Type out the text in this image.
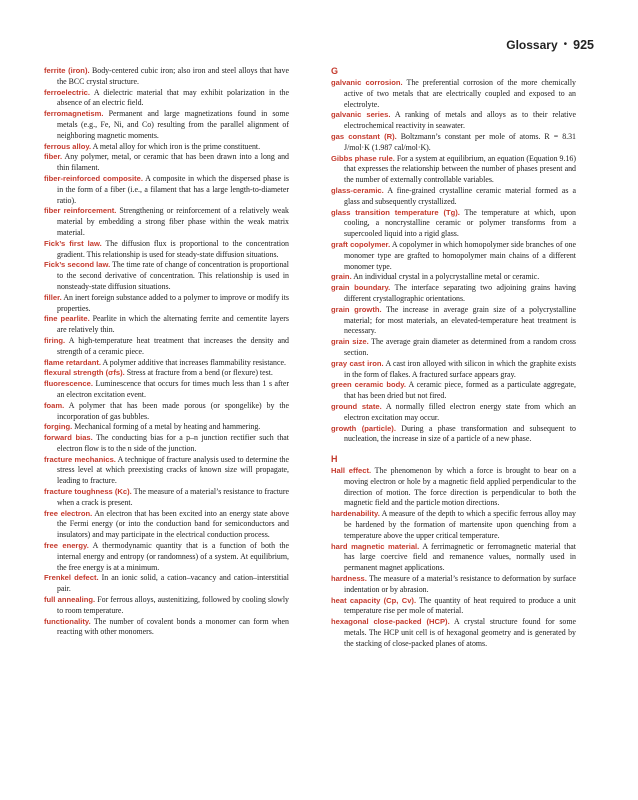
Glossary • 925

ferrite (iron). Body-centered cubic iron; also iron and steel alloys that have the BCC crystal structure.

ferroelectric. A dielectric material that may exhibit polarization in the absence of an electric field.

ferromagnetism. Permanent and large magnetizations found in some metals (e.g., Fe, Ni, and Co) resulting from the parallel alignment of neighboring magnetic moments.

ferrous alloy. A metal alloy for which iron is the prime constituent.

fiber. Any polymer, metal, or ceramic that has been drawn into a long and thin filament.

fiber-reinforced composite. A composite in which the dispersed phase is in the form of a fiber (i.e., a filament that has a large length-to-diameter ratio).

fiber reinforcement. Strengthening or reinforcement of a relatively weak material by embedding a strong fiber phase within the weak matrix material.

Fick’s first law. The diffusion flux is proportional to the concentration gradient. This relationship is used for steady-state diffusion situations.

Fick’s second law. The time rate of change of concentration is proportional to the second derivative of concentration. This relationship is used in nonsteady-state diffusion situations.

filler. An inert foreign substance added to a polymer to improve or modify its properties.

fine pearlite. Pearlite in which the alternating ferrite and cementite layers are relatively thin.

firing. A high-temperature heat treatment that increases the density and strength of a ceramic piece.

flame retardant. A polymer additive that increases flammability resistance.

flexural strength (σfs). Stress at fracture from a bend (or flexure) test.

fluorescence. Luminescence that occurs for times much less than 1 s after an electron excitation event.

foam. A polymer that has been made porous (or spongelike) by the incorporation of gas bubbles.

forging. Mechanical forming of a metal by heating and hammering.

forward bias. The conducting bias for a p–n junction rectifier such that electron flow is to the n side of the junction.

fracture mechanics. A technique of fracture analysis used to determine the stress level at which preexisting cracks of known size will propagate, leading to fracture.

fracture toughness (Kc). The measure of a material’s resistance to fracture when a crack is present.

free electron. An electron that has been excited into an energy state above the Fermi energy (or into the conduction band for semiconductors and insulators) and may participate in the electrical conduction process.

free energy. A thermodynamic quantity that is a function of both the internal energy and entropy (or randomness) of a system. At equilibrium, the free energy is at a minimum.

Frenkel defect. In an ionic solid, a cation–vacancy and cation–interstitial pair.

full annealing. For ferrous alloys, austenitizing, followed by cooling slowly to room temperature.

functionality. The number of covalent bonds a monomer can form when reacting with other monomers.

G

galvanic corrosion. The preferential corrosion of the more chemically active of two metals that are electrically coupled and exposed to an electrolyte.

galvanic series. A ranking of metals and alloys as to their relative electrochemical reactivity in seawater.

gas constant (R). Boltzmann’s constant per mole of atoms. R = 8.31 J/mol·K (1.987 cal/mol·K).

Gibbs phase rule. For a system at equilibrium, an equation (Equation 9.16) that expresses the relationship between the number of phases present and the number of externally controllable variables.

glass-ceramic. A fine-grained crystalline ceramic material formed as a glass and subsequently crystallized.

glass transition temperature (Tg). The temperature at which, upon cooling, a noncrystalline ceramic or polymer transforms from a supercooled liquid into a rigid glass.

graft copolymer. A copolymer in which homopolymer side branches of one monomer type are grafted to homopolymer main chains of a different monomer type.

grain. An individual crystal in a polycrystalline metal or ceramic.

grain boundary. The interface separating two adjoining grains having different crystallographic orientations.

grain growth. The increase in average grain size of a polycrystalline material; for most materials, an elevated-temperature heat treatment is necessary.

grain size. The average grain diameter as determined from a random cross section.

gray cast iron. A cast iron alloyed with silicon in which the graphite exists in the form of flakes. A fractured surface appears gray.

green ceramic body. A ceramic piece, formed as a particulate aggregate, that has been dried but not fired.

ground state. A normally filled electron energy state from which an electron excitation may occur.

growth (particle). During a phase transformation and subsequent to nucleation, the increase in size of a particle of a new phase.

H

Hall effect. The phenomenon by which a force is brought to bear on a moving electron or hole by a magnetic field applied perpendicular to the direction of motion. The force direction is perpendicular to both the magnetic field and the particle motion directions.

hardenability. A measure of the depth to which a specific ferrous alloy may be hardened by the formation of martensite upon quenching from a temperature above the upper critical temperature.

hard magnetic material. A ferrimagnetic or ferromagnetic material that has large coercive field and remanence values, normally used in permanent magnet applications.

hardness. The measure of a material’s resistance to deformation by surface indentation or by abrasion.

heat capacity (Cp, Cv). The quantity of heat required to produce a unit temperature rise per mole of material.

hexagonal close-packed (HCP). A crystal structure found for some metals. The HCP unit cell is of hexagonal geometry and is generated by the stacking of close-packed planes of atoms.
